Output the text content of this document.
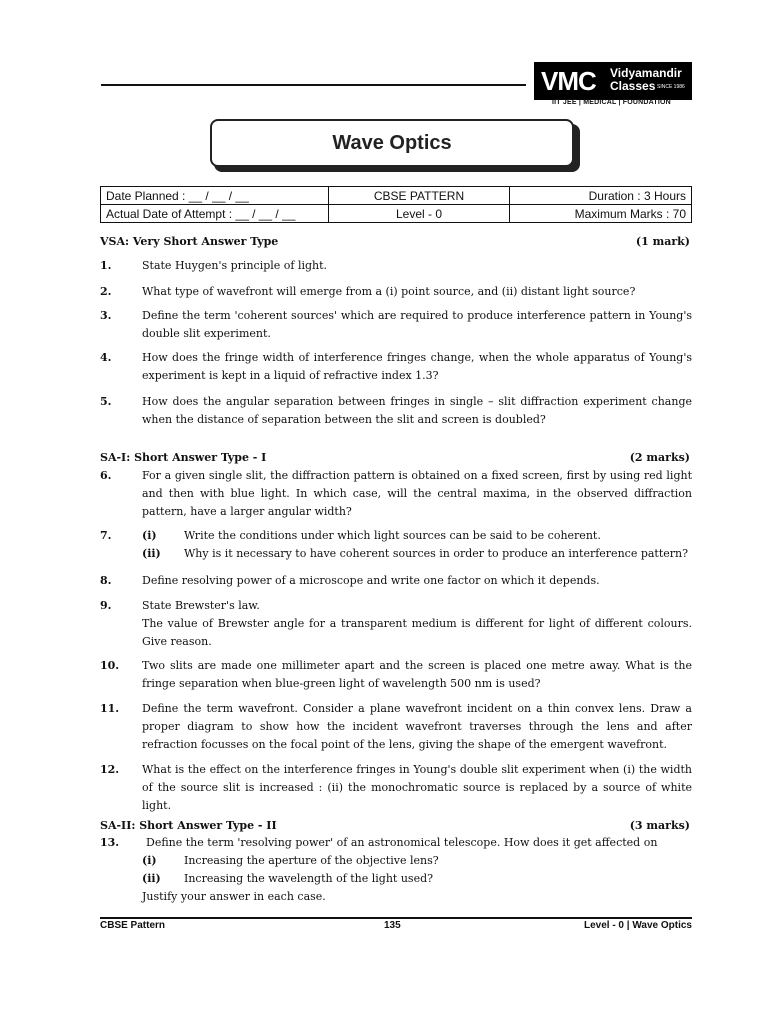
VMC Vidyamandir
Classes SINCE 1986
IIT JEE | MEDICAL | FOUNDATION
Wave Optics
Date Planned : __ / __ / __	CBSE PATTERN	Duration : 3 Hours
Actual Date of Attempt : __ / __ / __	Level - 0	Maximum Marks : 70
VSA: Very Short Answer Type	(1 mark)
1.	State Huygen's principle of light.
2.	What type of wavefront will emerge from a (i) point source, and (ii) distant light source?
3.	Define the term 'coherent sources' which are required to produce interference pattern in Young's double slit experiment.
4.	How does the fringe width of interference fringes change, when the whole apparatus of Young's experiment is kept in a liquid of refractive index 1.3?
5.	How does the angular separation between fringes in single – slit diffraction experiment change when the distance of separation between the slit and screen is doubled?
SA-I: Short Answer Type - I	(2 marks)
6.	For a given single slit, the diffraction pattern is obtained on a fixed screen, first by using red light and then with blue light. In which case, will the central maxima, in the observed diffraction pattern, have a larger angular width?
7.	(i)	Write the conditions under which light sources can be said to be coherent.
(ii)	Why is it necessary to have coherent sources in order to produce an interference pattern?
8.	Define resolving power of a microscope and write one factor on which it depends.
9.	State Brewster's law.
The value of Brewster angle for a transparent medium is different for light of different colours. Give reason.
10. Two slits are made one millimeter apart and the screen is placed one metre away. What is the fringe separation when blue-green light of wavelength 500 nm is used?
11. Define the term wavefront. Consider a plane wavefront incident on a thin convex lens. Draw a proper diagram to show how the incident wavefront traverses through the lens and after refraction focusses on the focal point of the lens, giving the shape of the emergent wavefront.
12. What is the effect on the interference fringes in Young's double slit experiment when (i) the width of the source slit is increased : (ii) the monochromatic source is replaced by a source of white light.
SA-II: Short Answer Type - II	(3 marks)
13.	Define the term 'resolving power' of an astronomical telescope. How does it get affected on
(i)	Increasing the aperture of the objective lens?
(ii)	Increasing the wavelength of the light used?
Justify your answer in each case.
CBSE Pattern	135	Level - 0 | Wave Optics
